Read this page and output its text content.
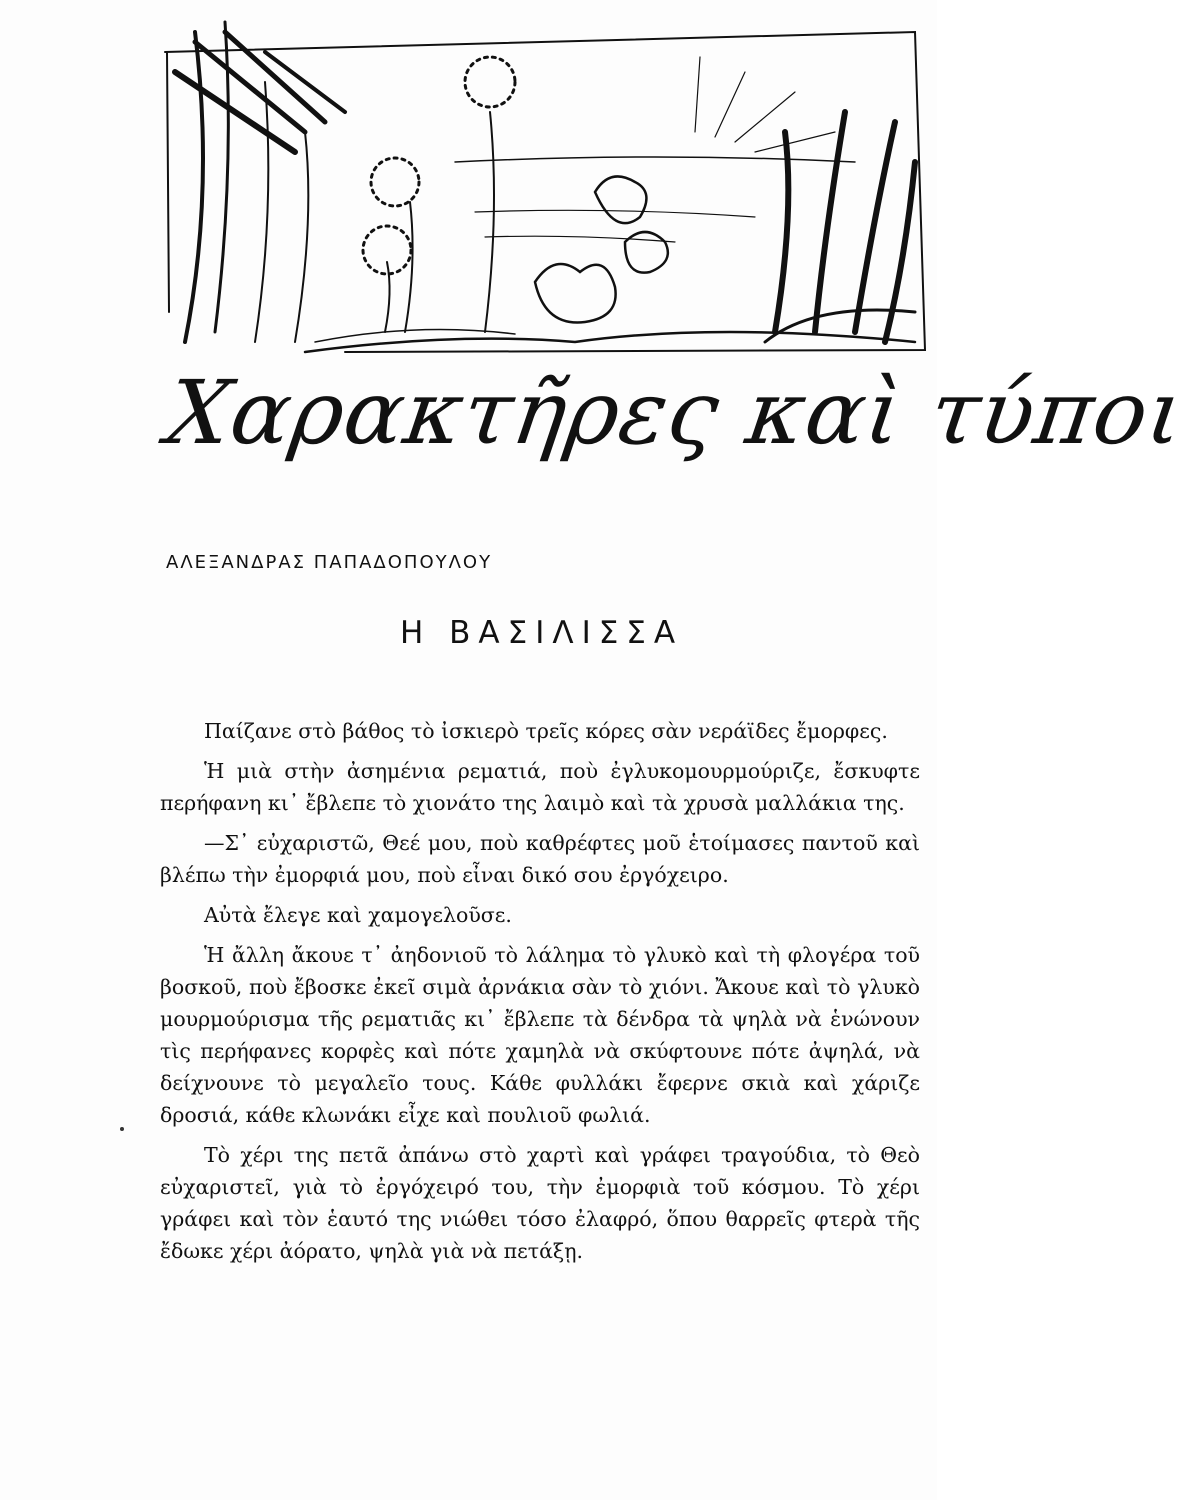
Χαρακτῆρες καὶ τύποι
ΑΛΕΞΑΝΔΡΑΣ ΠΑΠΑΔΟΠΟΥΛΟΥ
Η ΒΑΣΙΛΙΣΣΑ

Παίζανε στὸ βάθος τὸ ἰσκιερὸ τρεῖς κόρες σὰν νεράϊδες ἔμορφες.

Ἡ μιὰ στὴν ἀσημένια ρεματιά, ποὺ ἐγλυκομουρμούριζε, ἔσκυφτε περήφανη κι᾽ ἔβλεπε τὸ χιονάτο της λαιμὸ καὶ τὰ χρυσὰ μαλλάκια της.

—Σ᾽ εὐχαριστῶ, Θεέ μου, ποὺ καθρέφτες μοῦ ἑτοίμασες παντοῦ καὶ βλέπω τὴν ἐμορφιά μου, ποὺ εἶναι δικό σου ἐργόχειρο.

Αὐτὰ ἔλεγε καὶ χαμογελοῦσε.

Ἡ ἄλλη ἄκουε τ᾽ ἀηδονιοῦ τὸ λάλημα τὸ γλυκὸ καὶ τὴ φλογέρα τοῦ βοσκοῦ, ποὺ ἔβοσκε ἐκεῖ σιμὰ ἀρνάκια σὰν τὸ χιόνι. Ἄκουε καὶ τὸ γλυκὸ μουρμούρισμα τῆς ρεματιᾶς κι᾽ ἔβλεπε τὰ δένδρα τὰ ψηλὰ νὰ ἑνώνουν τὶς περήφανες κορφὲς καὶ πότε χαμηλὰ νὰ σκύφτουνε πότε ἀψηλά, νὰ δείχνουνε τὸ μεγαλεῖο τους. Κάθε φυλλάκι ἔφερνε σκιὰ καὶ χάριζε δροσιά, κάθε κλωνάκι εἶχε καὶ πουλιοῦ φωλιά.

Τὸ χέρι της πετᾶ ἀπάνω στὸ χαρτὶ καὶ γράφει τραγούδια, τὸ Θεὸ εὐχαριστεῖ, γιὰ τὸ ἐργόχειρό του, τὴν ἐμορφιὰ τοῦ κόσμου. Τὸ χέρι γράφει καὶ τὸν ἑαυτό της νιώθει τόσο ἐλαφρό, ὅπου θαρρεῖς φτερὰ τῆς ἔδωκε χέρι ἀόρατο, ψηλὰ γιὰ νὰ πετάξῃ.
